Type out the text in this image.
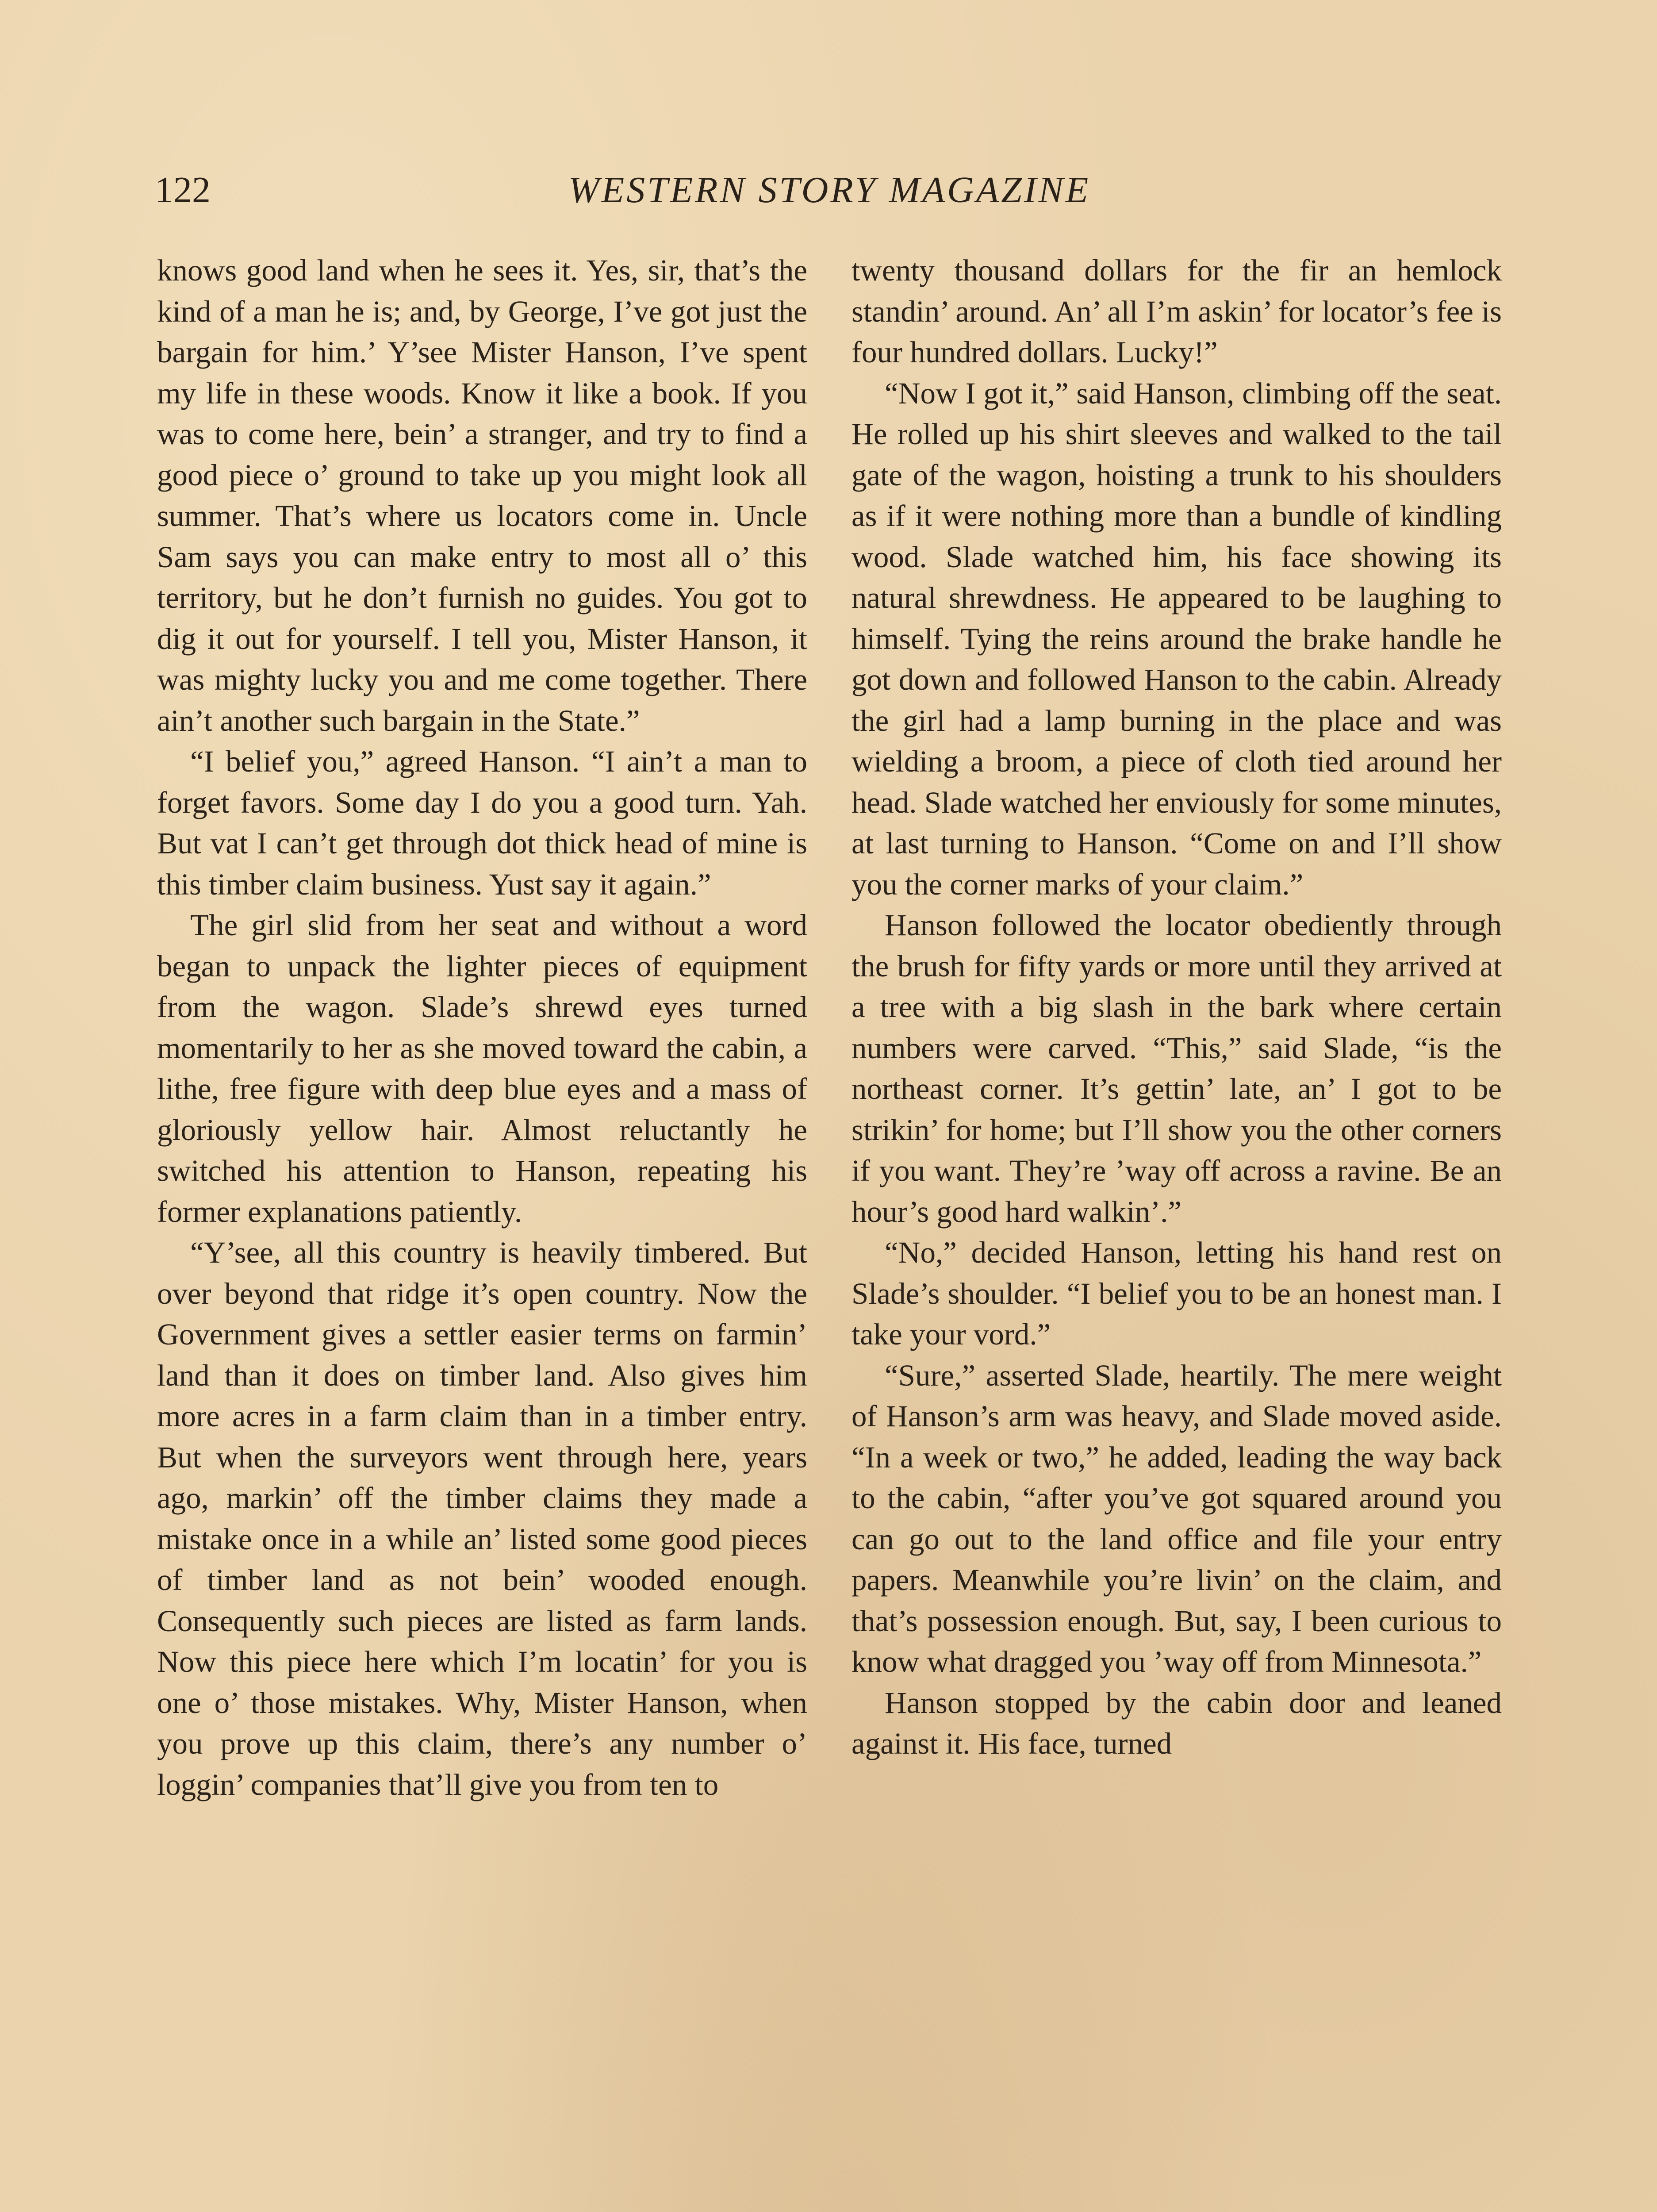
122	WESTERN STORY MAGAZINE

knows good land when he sees it. Yes, sir, that’s the kind of a man he is; and, by George, I’ve got just the bargain for him.’ Y’see Mister Hanson, I’ve spent my life in these woods. Know it like a book. If you was to come here, bein’ a stranger, and try to find a good piece o’ ground to take up you might look all summer. That’s where us locators come in. Uncle Sam says you can make entry to most all o’ this territory, but he don’t furnish no guides. You got to dig it out for yourself. I tell you, Mister Hanson, it was mighty lucky you and me come together. There ain’t another such bargain in the State.”

“I belief you,” agreed Hanson. “I ain’t a man to forget favors. Some day I do you a good turn. Yah. But vat I can’t get through dot thick head of mine is this timber claim business. Yust say it again.”

The girl slid from her seat and without a word began to unpack the lighter pieces of equipment from the wagon. Slade’s shrewd eyes turned momentarily to her as she moved toward the cabin, a lithe, free figure with deep blue eyes and a mass of gloriously yellow hair. Almost reluctantly he switched his attention to Hanson, repeating his former explanations patiently.

“Y’see, all this country is heavily timbered. But over beyond that ridge it’s open country. Now the Government gives a settler easier terms on farmin’ land than it does on timber land. Also gives him more acres in a farm claim than in a timber entry. But when the surveyors went through here, years ago, markin’ off the timber claims they made a mistake once in a while an’ listed some good pieces of timber land as not bein’ wooded enough. Consequently such pieces are listed as farm lands. Now this piece here which I’m locatin’ for you is one o’ those mistakes. Why, Mister Hanson, when you prove up this claim, there’s any number o’ loggin’ companies that’ll give you from ten to

twenty thousand dollars for the fir an hemlock standin’ around. An’ all I’m askin’ for locator’s fee is four hundred dollars. Lucky!”

“Now I got it,” said Hanson, climbing off the seat. He rolled up his shirt sleeves and walked to the tail gate of the wagon, hoisting a trunk to his shoulders as if it were nothing more than a bundle of kindling wood. Slade watched him, his face showing its natural shrewdness. He appeared to be laughing to himself. Tying the reins around the brake handle he got down and followed Hanson to the cabin. Already the girl had a lamp burning in the place and was wielding a broom, a piece of cloth tied around her head. Slade watched her enviously for some minutes, at last turning to Hanson. “Come on and I’ll show you the corner marks of your claim.”

Hanson followed the locator obediently through the brush for fifty yards or more until they arrived at a tree with a big slash in the bark where certain numbers were carved. “This,” said Slade, “is the northeast corner. It’s gettin’ late, an’ I got to be strikin’ for home; but I’ll show you the other corners if you want. They’re ’way off across a ravine. Be an hour’s good hard walkin’.”

“No,” decided Hanson, letting his hand rest on Slade’s shoulder. “I belief you to be an honest man. I take your vord.”

“Sure,” asserted Slade, heartily. The mere weight of Hanson’s arm was heavy, and Slade moved aside. “In a week or two,” he added, leading the way back to the cabin, “after you’ve got squared around you can go out to the land office and file your entry papers. Meanwhile you’re livin’ on the claim, and that’s possession enough. But, say, I been curious to know what dragged you ’way off from Minnesota.”

Hanson stopped by the cabin door and leaned against it. His face, turned
